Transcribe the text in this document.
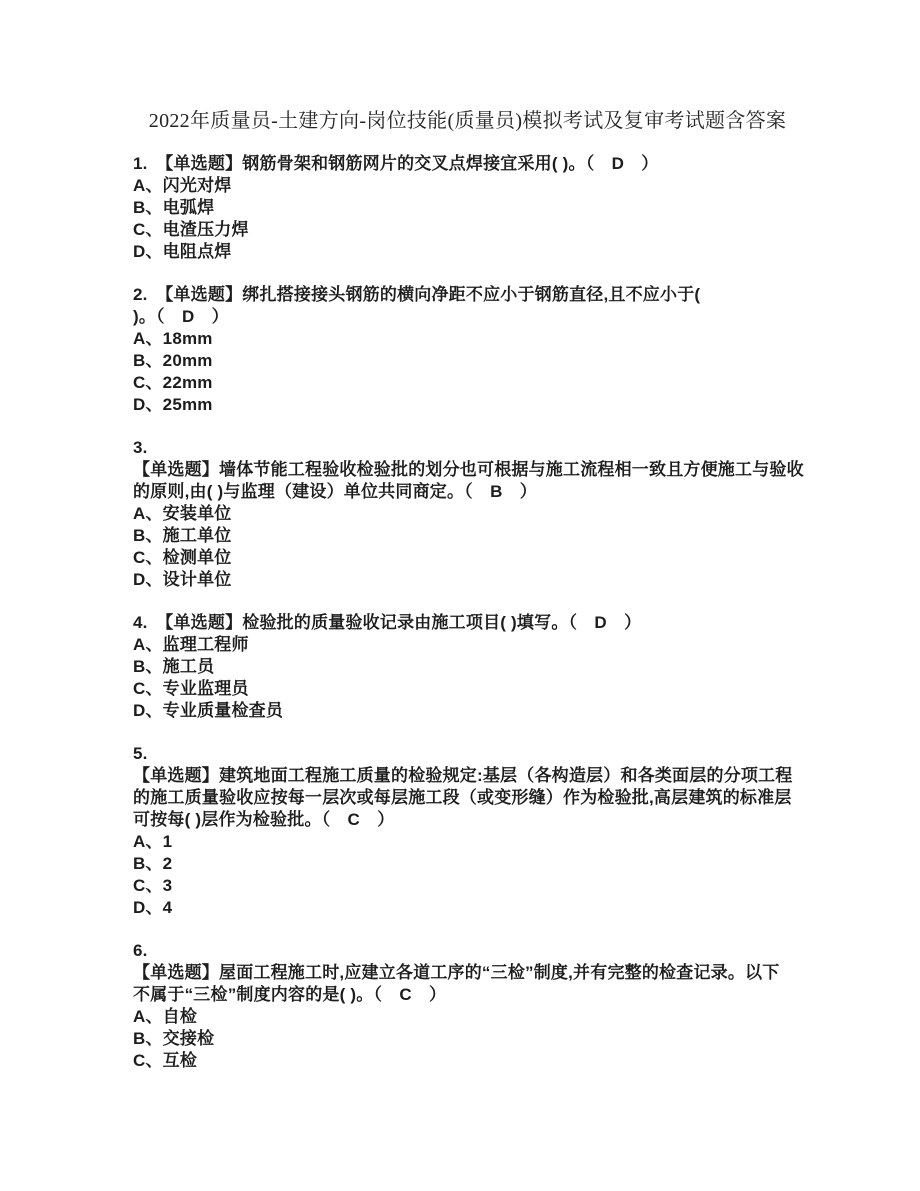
2022年质量员-土建方向-岗位技能(质量员)模拟考试及复审考试题含答案
1.　【单选题】钢筋骨架和钢筋网片的交叉点焊接宜采用( )。（　D　）
A、闪光对焊
B、电弧焊
C、电渣压力焊
D、电阻点焊
2.　【单选题】绑扎搭接接头钢筋的横向净距不应小于钢筋直径,且不应小于(
)。（　D　）
A、18mm
B、20mm
C、22mm
D、25mm
3.
【单选题】墙体节能工程验收检验批的划分也可根据与施工流程相一致且方便施工与验收
的原则,由( )与监理（建设）单位共同商定。（　B　）
A、安装单位
B、施工单位
C、检测单位
D、设计单位
4.　【单选题】检验批的质量验收记录由施工项目( )填写。（　D　）
A、监理工程师
B、施工员
C、专业监理员
D、专业质量检查员
5.
【单选题】建筑地面工程施工质量的检验规定:基层（各构造层）和各类面层的分项工程
的施工质量验收应按每一层次或每层施工段（或变形缝）作为检验批,高层建筑的标准层
可按每( )层作为检验批。（　C　）
A、1
B、2
C、3
D、4
6.
【单选题】屋面工程施工时,应建立各道工序的“三检”制度,并有完整的检查记录。以下
不属于“三检”制度内容的是( )。（　C　）
A、自检
B、交接检
C、互检
